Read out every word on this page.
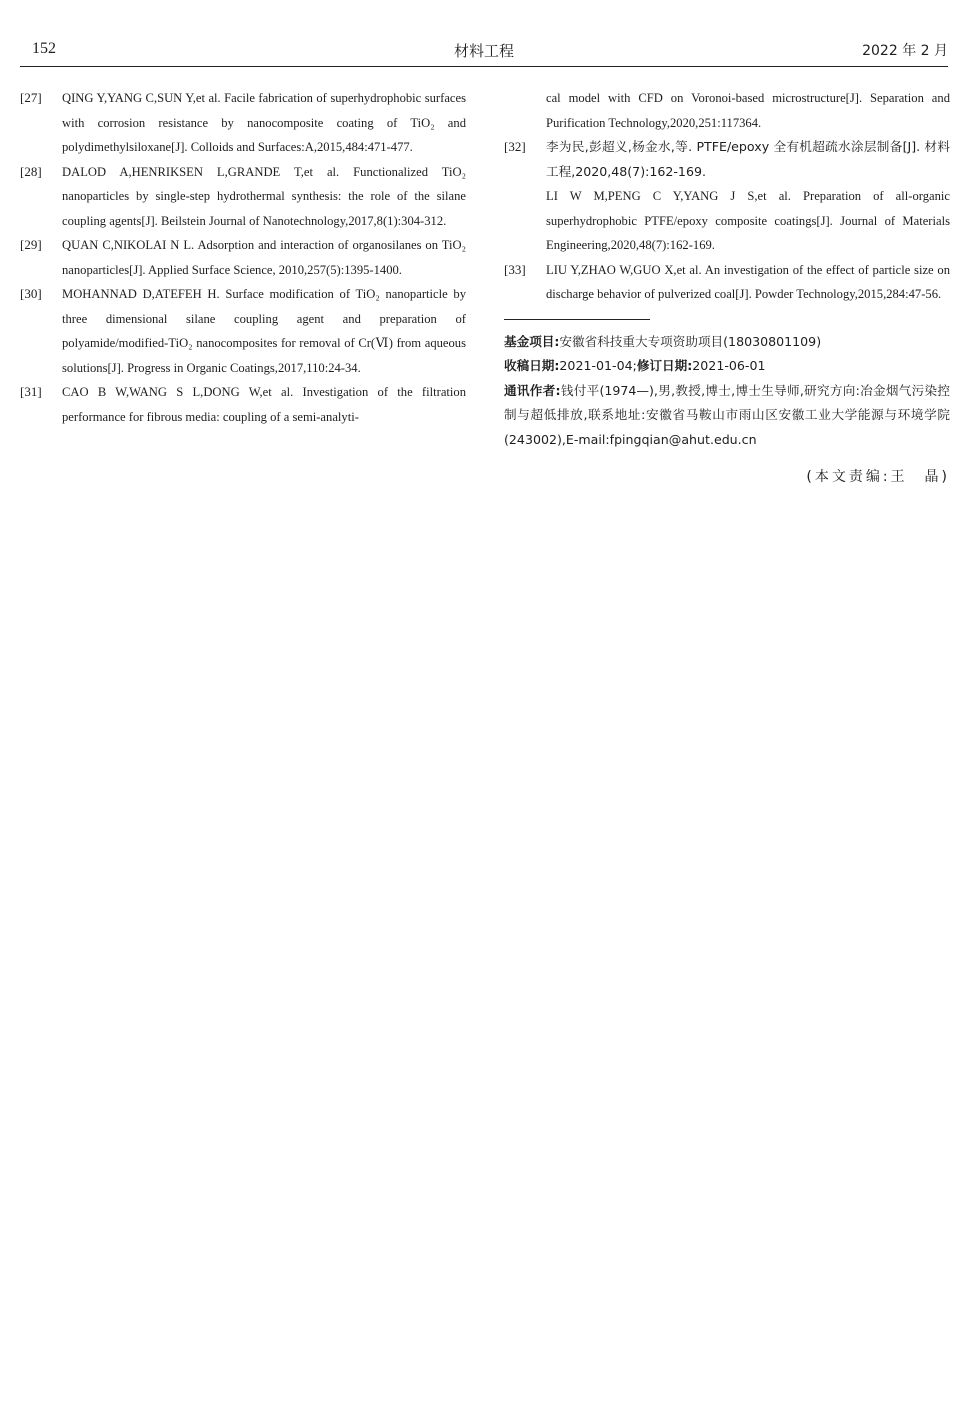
152	材料工程	2022 年 2 月
[27] QING Y,YANG C,SUN Y,et al. Facile fabrication of superhydrophobic surfaces with corrosion resistance by nanocomposite coating of TiO₂ and polydimethylsiloxane[J]. Colloids and Surfaces:A,2015,484:471-477.
[28] DALOD A,HENRIKSEN L,GRANDE T,et al. Functionalized TiO₂ nanoparticles by single-step hydrothermal synthesis: the role of the silane coupling agents[J]. Beilstein Journal of Nanotechnology,2017,8(1):304-312.
[29] QUAN C,NIKOLAI N L. Adsorption and interaction of organosilanes on TiO₂ nanoparticles[J]. Applied Surface Science, 2010,257(5):1395-1400.
[30] MOHANNAD D,ATEFEH H. Surface modification of TiO₂ nanoparticle by three dimensional silane coupling agent and preparation of polyamide/modified-TiO₂ nanocomposites for removal of Cr(Ⅵ) from aqueous solutions[J]. Progress in Organic Coatings,2017,110:24-34.
[31] CAO B W,WANG S L,DONG W,et al. Investigation of the filtration performance for fibrous media: coupling of a semi-analyti-
cal model with CFD on Voronoi-based microstructure[J]. Separation and Purification Technology,2020,251:117364.
[32] 李为民,彭超义,杨金水,等. PTFE/epoxy 全有机超疏水涂层制备[J]. 材料工程,2020,48(7):162-169.
LI W M,PENG C Y,YANG J S,et al. Preparation of all-organic superhydrophobic PTFE/epoxy composite coatings[J]. Journal of Materials Engineering,2020,48(7):162-169.
[33] LIU Y,ZHAO W,GUO X,et al. An investigation of the effect of particle size on discharge behavior of pulverized coal[J]. Powder Technology,2015,284:47-56.
基金项目:安徽省科技重大专项资助项目(18030801109)
收稿日期:2021-01-04;修订日期:2021-06-01
通讯作者:钱付平(1974—),男,教授,博士,博士生导师,研究方向:冶金烟气污染控制与超低排放,联系地址:安徽省马鞍山市雨山区安徽工业大学能源与环境学院(243002),E-mail:fpingqian@ahut.edu.cn
(本文责编:王　晶)
